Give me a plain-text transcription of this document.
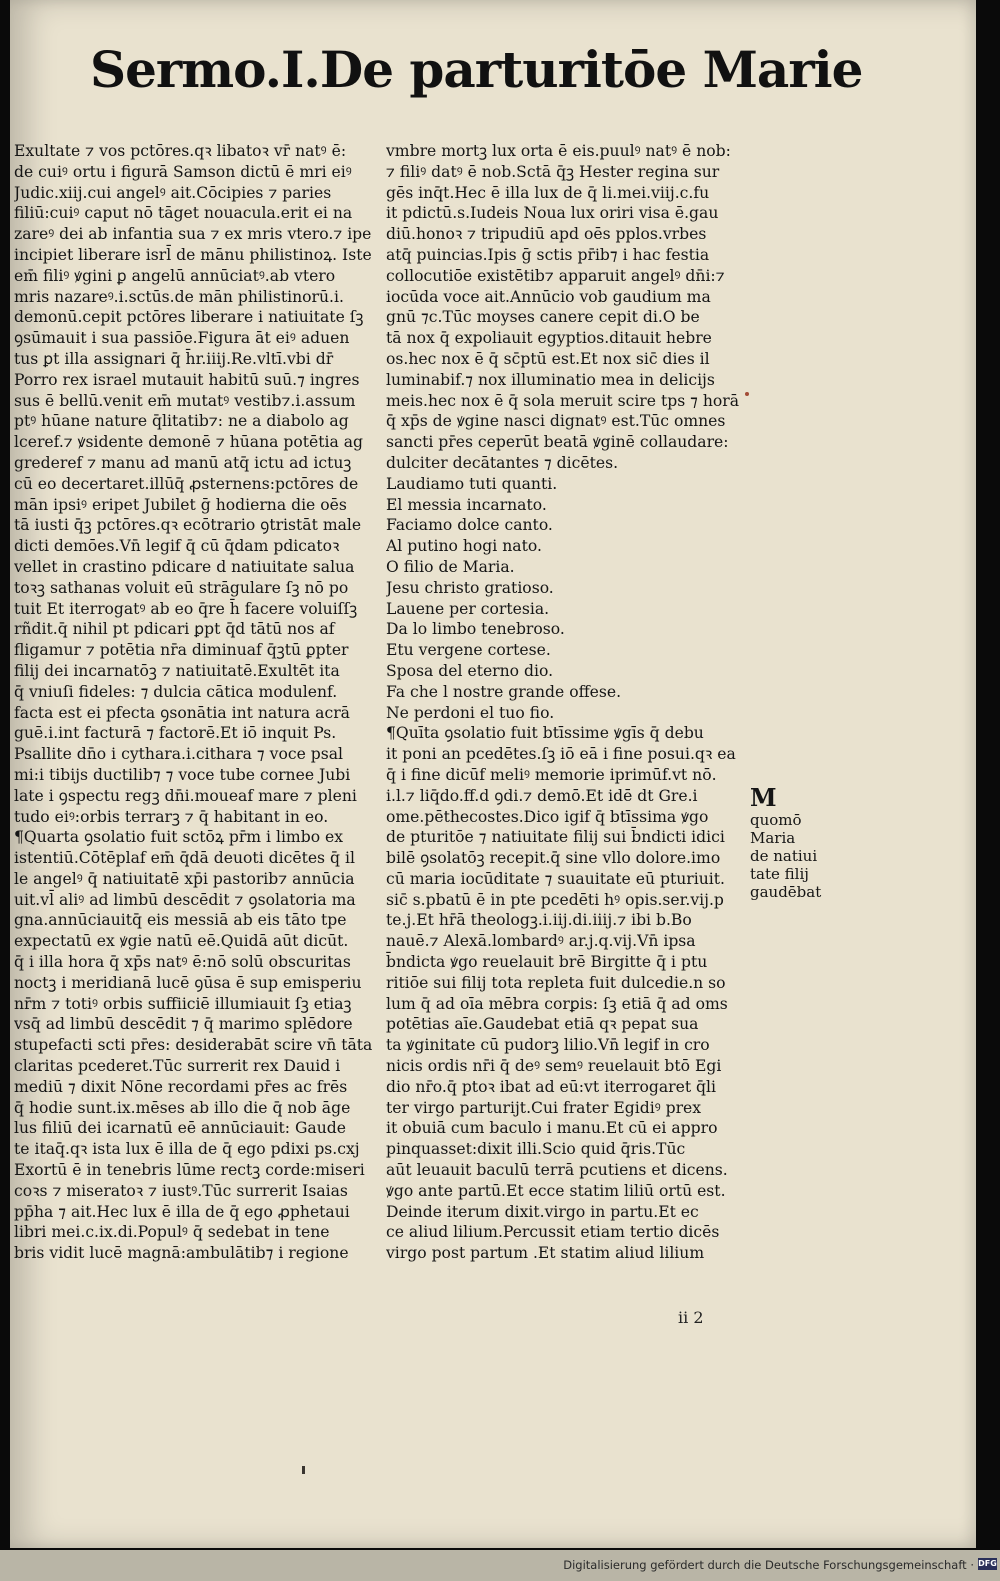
Sermo.I.De parturitōe Marie
Exultate ⁊ vos pctōres.qꝛ libatoꝛ vr̄ natꝰ ē:
de cuiꝰ ortu i figurā Samson dictū ē mri eiꝰ
Judic.xiij.cui angelꝰ ait.Cōcipies ⁊ paries
filiū:cuiꝰ caput nō tāget nouacula.erit ei na
zareꝰ dei ab infantia sua ⁊ ex mris vtero.⁊ ipe
incipiet liberare isrl̄ de mānu philistinoꝝ. Iste
em̄ filiꝰ ꝟgini ꝑ angelū annūciatꝰ.ab vtero
mris nazareꝰ.i.sctūs.de mān philistinorū.i.
demonū.cepit pctōres liberare i natiuitate ſꝫ
ꝯsūmauit i sua passiōe.Figura āt eiꝰ aduen
tus ꝑt illa assignari q̄ h̄r.iiij.Re.vltī.vbi dr̄
Porro rex israel mutauit habitū suū.⁊ ingres
sus ē bellū.venit em̄ mutatꝰ vestib⁊.i.assum
ptꝰ hūane nature q̄litatib⁊: ne a diabolo ag
lceref.⁊ ꝟsidente demonē ⁊ hūana potētia ag
grederef ⁊ manu ad manū atq̄ ictu ad ictuꝫ
cū eo decertaret.illūq̄ ꝓsternens:pctōres de
mān ipsiꝰ eripet Jubilet ḡ hodierna die oēs
tā iusti q̄ꝫ pctōres.qꝛ ecōtrario ꝯtristāt male
dicti demōes.Vn̄ legif q̄ cū q̄dam pdicatoꝛ
vellet in crastino pdicare d natiuitate salua
toꝛꝫ sathanas voluit eū strāgulare ſꝫ nō po
tuit Et iterrogatꝰ ab eo q̄re h̄ facere voluiſſꝫ
rñdit.q̄ nihil pt pdicari ꝑpt q̄d tātū nos af
fligamur ⁊ potētia nr̄a diminuaf q̄ꝫtū ꝑpter
filij dei incarnatōꝫ ⁊ natiuitatē.Exultēt ita
q̄ vniuſi fideles: ⁊ dulcia cātica modulenf.
facta est ei pfecta ꝯsonātia int natura acrā
guē.i.int facturā ⁊ factorē.Et iō inquit Ps.
Psallite dn̄o i cythara.i.cithara ⁊ voce psal
mi:i tibijs ductilib⁊ ⁊ voce tube cornee Jubi
late i ꝯspectu regꝫ dn̄i.moueaf mare ⁊ pleni
tudo eiꝰ:orbis terrarꝫ ⁊ q̄ habitant in eo.
¶Quarta ꝯsolatio fuit sctōꝝ pr̄m i limbo ex
istentiū.Cōtēplaf em̄ q̄dā deuoti dicētes q̄ il
le angelꝰ q̄ natiuitatē xp̄i pastorib⁊ annūcia
uit.vl̄ aliꝰ ad limbū descēdit ⁊ ꝯsolatoria ma
gna.annūciauitq̄ eis messiā ab eis tāto tpe
expectatū ex ꝟgie natū eē.Quidā aūt dicūt.
q̄ i illa hora q̄ xp̄s natꝰ ē:nō solū obscuritas
noctꝫ i meridianā lucē ꝯūsa ē sup emisperiu
nr̄m ⁊ totiꝰ orbis suffiiciē illumiauit ſꝫ etiaꝫ
vsq̄ ad limbū descēdit ⁊ q̄ marimo splēdore
stupefacti scti pr̄es: desiderabāt scire vn̄ tāta
claritas pcederet.Tūc surrerit rex Dauid i
mediū ⁊ dixit Nōne recordami pr̄es ac frēs
q̄ hodie sunt.ix.mēses ab illo die q̄ nob āge
lus filiū dei icarnatū eē annūciauit: Gaude
te itaq̄.qꝛ ista lux ē illa de q̄ ego pdixi ps.cxj
Exortū ē in tenebris lūme rectꝫ corde:miseri
coꝛs ⁊ miseratoꝛ ⁊ iustꝰ.Tūc surrerit Isaias
pp̄ha ⁊ ait.Hec lux ē illa de q̄ ego ꝓphetaui
libri mei.c.ix.di.Populꝰ q̄ sedebat in tene
bris vidit lucē magnā:ambulātib⁊ i regione
vmbre mortꝫ lux orta ē eis.puulꝰ natꝰ ē nob:
⁊ filiꝰ datꝰ ē nob.Sctā q̄ꝫ Hester regina sur
gēs inq̄t.Hec ē illa lux de q̄ li.mei.viij.c.fu
it pdictū.s.Iudeis Noua lux oriri visa ē.gau
diū.honoꝛ ⁊ tripudiū apd oēs pplos.vrbes
atq̄ puincias.Ipis ḡ sctis pr̄ib⁊ i hac festia
collocutiōe existētib⁊ apparuit angelꝰ dn̄i:⁊
iocūda voce ait.Annūcio vob gaudium ma
gnū ⁊c.Tūc moyses canere cepit di.O be
tā nox q̄ expoliauit egyptios.ditauit hebre
os.hec nox ē q̄ sc̄ptū est.Et nox sic̄ dies il
luminabif.⁊ nox illuminatio mea in delicijs
meis.hec nox ē q̄ sola meruit scire tps ⁊ horā
q̄ xp̄s de ꝟgine nasci dignatꝰ est.Tūc omnes
sancti pr̄es ceperūt beatā ꝟginē collaudare:
dulciter decātantes ⁊ dicētes.
Laudiamo tuti quanti.
El messia incarnato.
Faciamo dolce canto.
Al putino hogi nato.
O filio de Maria.
Jesu christo gratioso.
Lauene per cortesia.
Da lo limbo tenebroso.
Etu vergene cortese.
Sposa del eterno dio.
Fa che l nostre grande offese.
Ne perdoni el tuo fio.
¶Quīta ꝯsolatio fuit btīssime ꝟgīs q̄ debu
it poni an pcedētes.ſꝫ iō eā i fine posui.qꝛ ea
q̄ i fine dicūf meliꝰ memorie iprimūf.vt nō.
i.l.⁊ liq̄do.ff.d ꝯdi.⁊ demō.Et idē dt Gre.i
ome.pēthecostes.Dico igif q̄ btīssima ꝟgo
de pturitōe ⁊ natiuitate filij sui b̄ndicti idici
bilē ꝯsolatōꝫ recepit.q̄ sine vllo dolore.imo
cū maria iocūditate ⁊ suauitate eū pturiuit.
sic̄ s.pbatū ē in pte pcedēti hꝰ opis.ser.vij.p
te.j.Et hr̄ā theologꝫ.i.iij.di.iiij.⁊ ibi b.Bo
nauē.⁊ Alexā.lombardꝰ ar.j.q.vij.Vn̄ ipsa
b̄ndicta ꝟgo reuelauit brē Birgitte q̄ i ptu
ritiōe sui filij tota repleta fuit dulcedie.n so
lum q̄ ad oīa mēbra corꝑis: ſꝫ etiā q̄ ad oms
potētias aīe.Gaudebat etiā qꝛ pepat sua
ta ꝟginitate cū pudorꝫ lilio.Vn̄ legif in cro
nicis ordis nr̄i q̄ deꝰ semꝰ reuelauit btō Egi
dio nr̄o.q̄ ptoꝛ ibat ad eū:vt iterrogaret q̄li
ter virgo parturijt.Cui frater Egidiꝰ prex
it obuiā cum baculo i manu.Et cū ei appro
pinquasset:dixit illi.Scio quid q̄ris.Tūc
aūt leuauit baculū terrā pcutiens et dicens.
ꝟgo ante partū.Et ecce statim liliū ortū est.
Deinde iterum dixit.virgo in partu.Et ec
ce aliud lilium.Percussit etiam tertio dicēs
virgo post partum .Et statim aliud lilium
M
quomō
Maria
de natiui
tate filij
gaudēbat
ii 2
Digitalisierung gefördert durch die Deutsche Forschungsgemeinschaft · DFG
